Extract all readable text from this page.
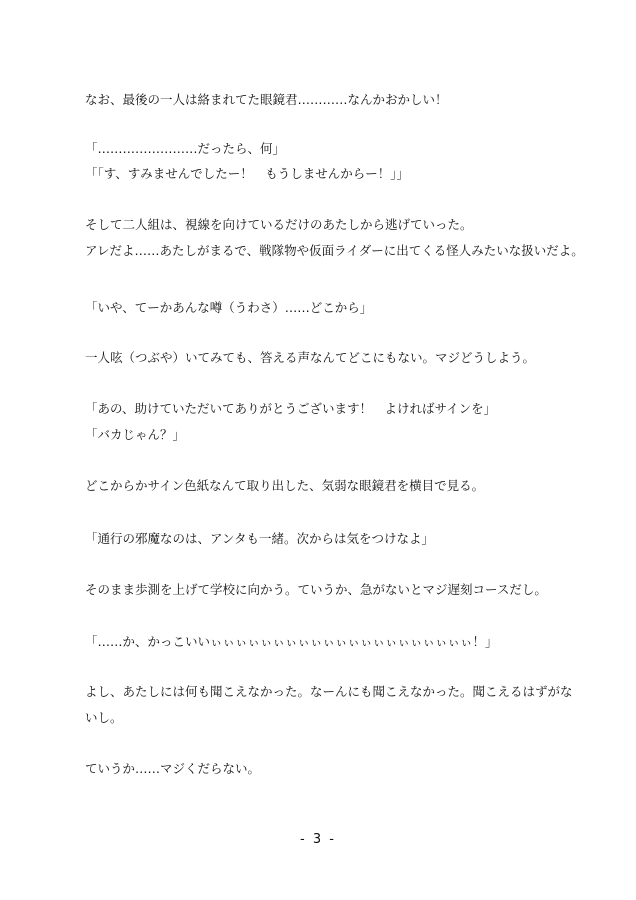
なお、最後の一人は絡まれてた眼鏡君…………なんかおかしい！
「……………………だったら、何」
「「す、すみませんでしたー！　もうしませんからー！」」
そして二人組は、視線を向けているだけのあたしから逃げていった。
アレだよ……あたしがまるで、戦隊物や仮面ライダーに出てくる怪人みたいな扱いだよ。
「いや、てーかあんな噂（うわさ）……どこから」
一人呟（つぶや）いてみても、答える声なんてどこにもない。マジどうしよう。
「あの、助けていただいてありがとうございます！　よければサインを」
「バカじゃん？」
どこからかサイン色紙なんて取り出した、気弱な眼鏡君を横目で見る。
「通行の邪魔なのは、アンタも一緒。次からは気をつけなよ」
そのまま歩測を上げて学校に向かう。ていうか、急がないとマジ遅刻コースだし。
「……か、かっこいいぃぃぃぃぃぃぃぃぃぃぃぃぃぃぃぃぃぃぃぃぃ！」
よし、あたしには何も聞こえなかった。なーんにも聞こえなかった。聞こえるはずがな
いし。
ていうか……マジくだらない。
- 3 -
